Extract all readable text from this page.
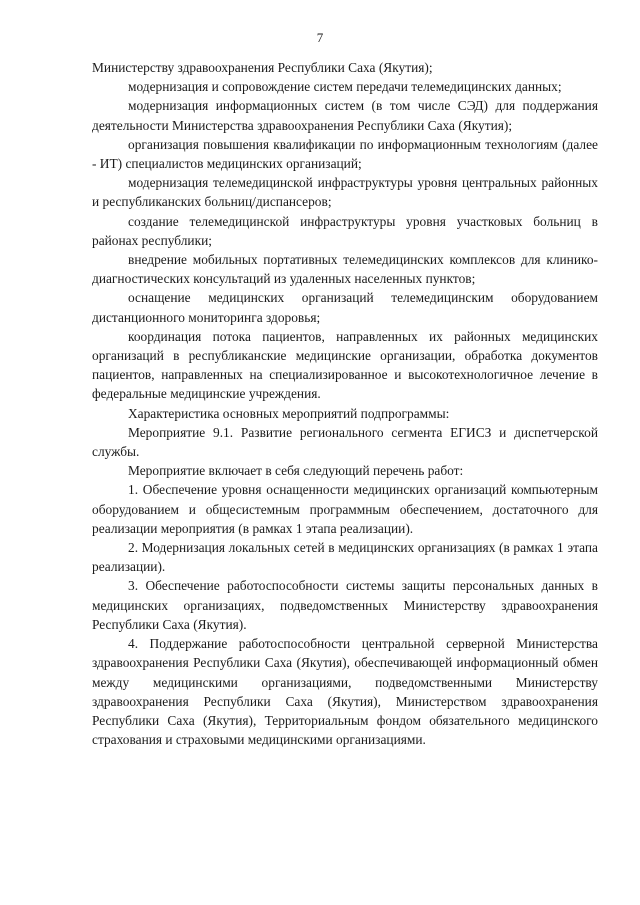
7

Министерству здравоохранения Республики Саха (Якутия);

модернизация и сопровождение систем передачи телемедицинских данных;

модернизация информационных систем (в том числе СЭД) для поддержания деятельности Министерства здравоохранения Республики Саха (Якутия);

организация повышения квалификации по информационным технологиям (далее - ИТ) специалистов медицинских организаций;

модернизация телемедицинской инфраструктуры уровня центральных районных и республиканских больниц/диспансеров;

создание телемедицинской инфраструктуры уровня участковых больниц в районах республики;

внедрение мобильных портативных телемедицинских комплексов для клинико-диагностических консультаций из удаленных населенных пунктов;

оснащение медицинских организаций телемедицинским оборудованием дистанционного мониторинга здоровья;

координация потока пациентов, направленных их районных медицинских организаций в республиканские медицинские организации, обработка документов пациентов, направленных на специализированное и высокотехнологичное лечение в федеральные медицинские учреждения.

Характеристика основных мероприятий подпрограммы:

Мероприятие 9.1. Развитие регионального сегмента ЕГИСЗ и диспетчерской службы.

Мероприятие включает в себя следующий перечень работ:

1. Обеспечение уровня оснащенности медицинских организаций компьютерным оборудованием и общесистемным программным обеспечением, достаточного для реализации мероприятия (в рамках 1 этапа реализации).

2. Модернизация локальных сетей в медицинских организациях (в рамках 1 этапа реализации).

3. Обеспечение работоспособности системы защиты персональных данных в медицинских организациях, подведомственных Министерству здравоохранения Республики Саха (Якутия).

4. Поддержание работоспособности центральной серверной Министерства здравоохранения Республики Саха (Якутия), обеспечивающей информационный обмен между медицинскими организациями, подведомственными Министерству здравоохранения Республики Саха (Якутия), Министерством здравоохранения Республики Саха (Якутия), Территориальным фондом обязательного медицинского страхования и страховыми медицинскими организациями.
